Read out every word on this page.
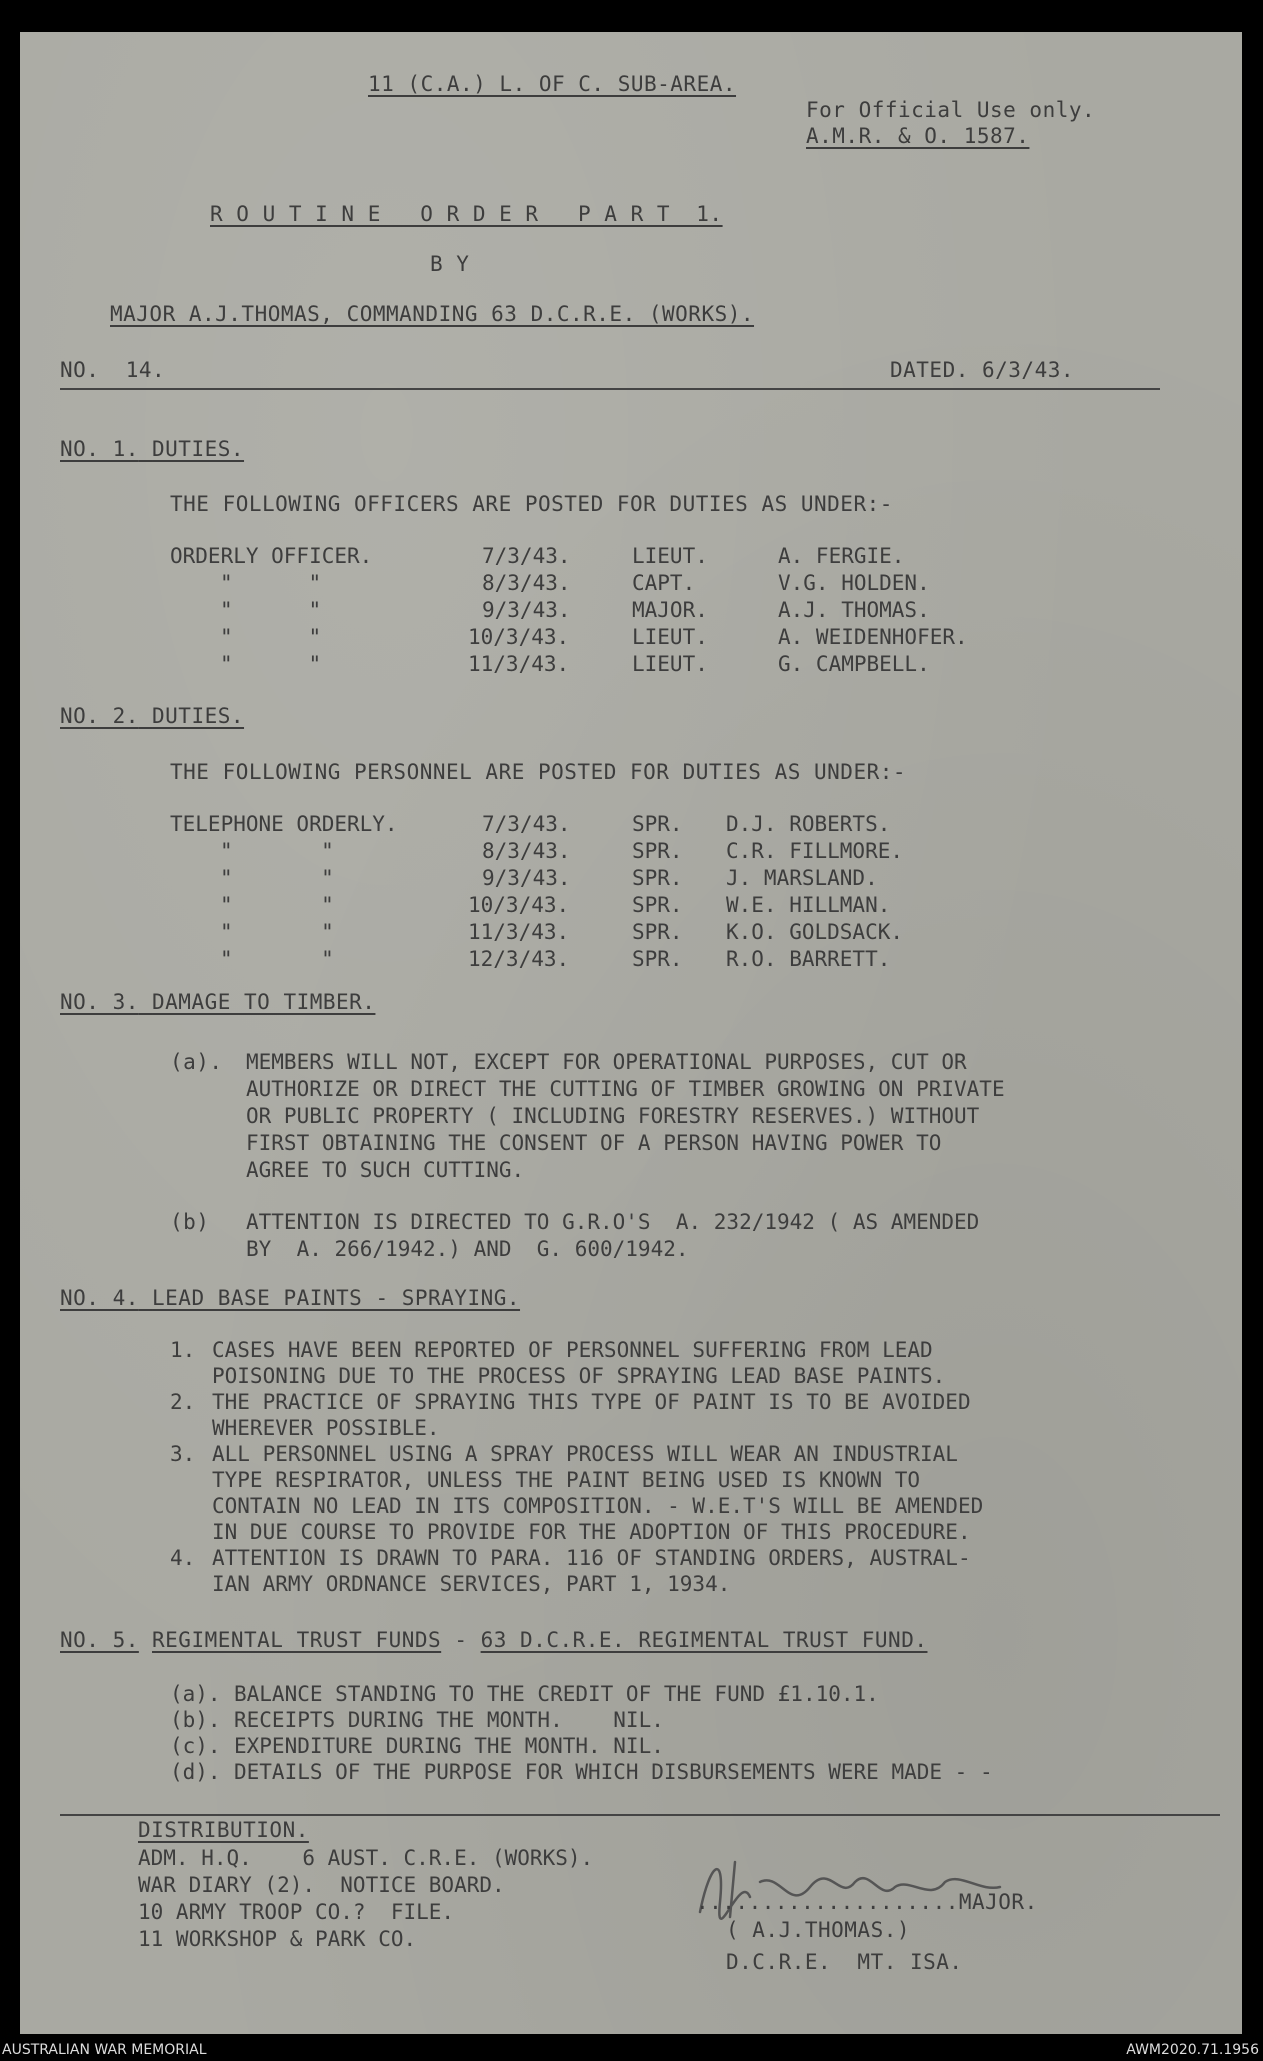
11 (C.A.) L. OF C. SUB-AREA.
For Official Use only.
A.M.R. & O. 1587.
R O U T I N E   O R D E R   P A R T  1.
B Y
MAJOR A.J.THOMAS, COMMANDING 63 D.C.R.E. (WORKS).
NO.  14.	DATED. 6/3/43.
NO. 1. DUTIES.
THE FOLLOWING OFFICERS ARE POSTED FOR DUTIES AS UNDER:-
ORDERLY OFFICER.	7/3/43.	LIEUT.	A. FERGIE.
"      "	8/3/43.	CAPT.	V.G. HOLDEN.
"      "	9/3/43.	MAJOR.	A.J. THOMAS.
"      "	10/3/43.	LIEUT.	A. WEIDENHOFER.
"      "	11/3/43.	LIEUT.	G. CAMPBELL.
NO. 2. DUTIES.
THE FOLLOWING PERSONNEL ARE POSTED FOR DUTIES AS UNDER:-
TELEPHONE ORDERLY.	7/3/43.	SPR. D.J. ROBERTS.
"       "	8/3/43.	SPR. C.R. FILLMORE.
"       "	9/3/43.	SPR. J. MARSLAND.
"       "	10/3/43.	SPR. W.E. HILLMAN.
"       "	11/3/43.	SPR. K.O. GOLDSACK.
"       "	12/3/43.	SPR. R.O. BARRETT.
NO. 3. DAMAGE TO TIMBER.
(a). MEMBERS WILL NOT, EXCEPT FOR OPERATIONAL PURPOSES, CUT OR
AUTHORIZE OR DIRECT THE CUTTING OF TIMBER GROWING ON PRIVATE
OR PUBLIC PROPERTY ( INCLUDING FORESTRY RESERVES.) WITHOUT
FIRST OBTAINING THE CONSENT OF A PERSON HAVING POWER TO
AGREE TO SUCH CUTTING.
(b) ATTENTION IS DIRECTED TO G.R.O'S  A. 232/1942 ( AS AMENDED
BY  A. 266/1942.) AND  G. 600/1942.
NO. 4. LEAD BASE PAINTS - SPRAYING.
1. CASES HAVE BEEN REPORTED OF PERSONNEL SUFFERING FROM LEAD
POISONING DUE TO THE PROCESS OF SPRAYING LEAD BASE PAINTS.
2. THE PRACTICE OF SPRAYING THIS TYPE OF PAINT IS TO BE AVOIDED
WHEREVER POSSIBLE.
3. ALL PERSONNEL USING A SPRAY PROCESS WILL WEAR AN INDUSTRIAL
TYPE RESPIRATOR, UNLESS THE PAINT BEING USED IS KNOWN TO
CONTAIN NO LEAD IN ITS COMPOSITION. - W.E.T'S WILL BE AMENDED
IN DUE COURSE TO PROVIDE FOR THE ADOPTION OF THIS PROCEDURE.
4. ATTENTION IS DRAWN TO PARA. 116 OF STANDING ORDERS, AUSTRAL-
IAN ARMY ORDNANCE SERVICES, PART 1, 1934.
NO. 5. REGIMENTAL TRUST FUNDS - 63 D.C.R.E. REGIMENTAL TRUST FUND.
(a). BALANCE STANDING TO THE CREDIT OF THE FUND £1.10.1.
(b). RECEIPTS DURING THE MONTH.    NIL.
(c). EXPENDITURE DURING THE MONTH. NIL.
(d). DETAILS OF THE PURPOSE FOR WHICH DISBURSEMENTS WERE MADE - -
DISTRIBUTION.
ADM. H.Q.    6 AUST. C.R.E. (WORKS).
WAR DIARY (2).  NOTICE BOARD.
10 ARMY TROOP CO.?  FILE.
11 WORKSHOP & PARK CO.
....................MAJOR.
( A.J.THOMAS.)
D.C.R.E.  MT. ISA.
AUSTRALIAN WAR MEMORIAL	AWM2020.71.1956
